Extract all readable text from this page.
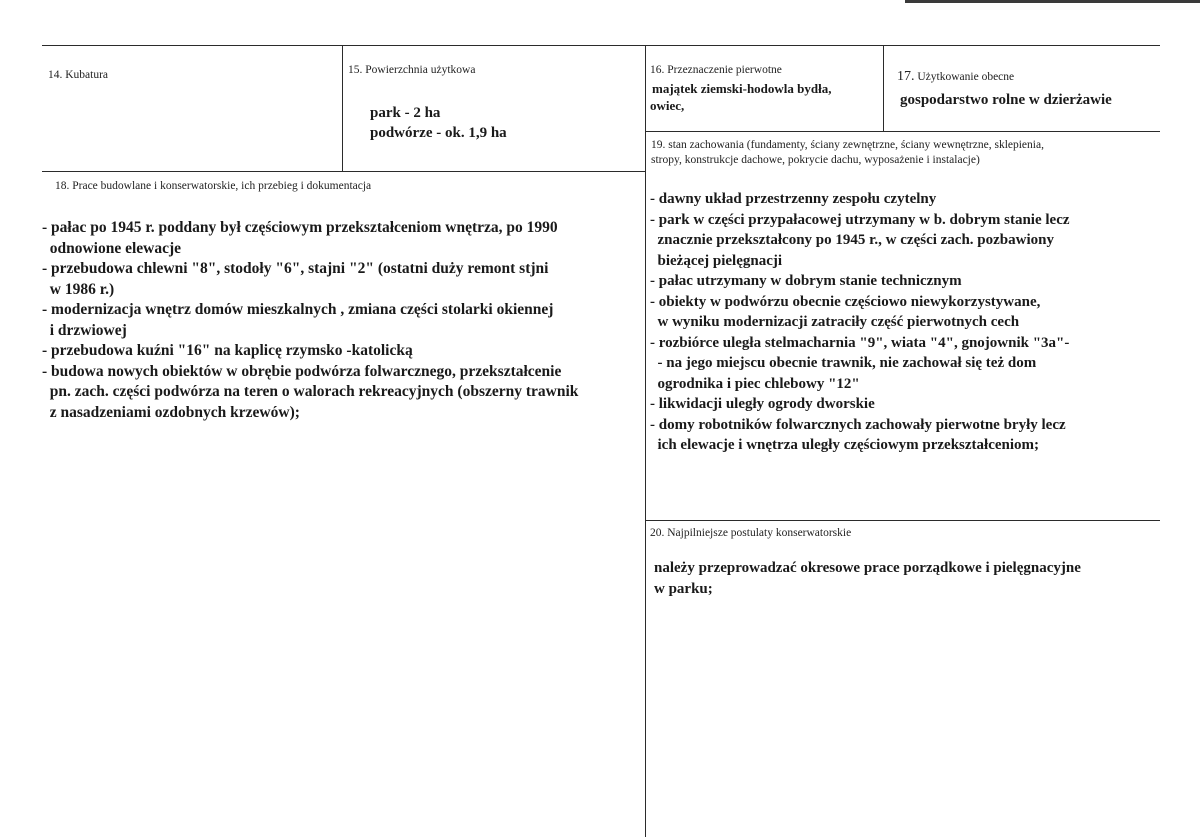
14. Kubatura	15. Powierzchnia użytkowa
park - 2 ha
podwórze - ok. 1,9 ha
16. Przeznaczenie pierwotne
majątek ziemski-hodowla bydła,
owiec,
17. Użytkowanie obecne
gospodarstwo rolne w dzierżawie
18. Prace budowlane i konserwatorskie, ich przebieg i dokumentacja
- pałac po 1945 r. poddany był częściowym przekształceniom wnętrza, po 1990
odnowione elewacje
- przebudowa chlewni "8", stodoły "6", stajni "2" (ostatni duży remont stjni
w 1986 r.)
- modernizacja wnętrz domów mieszkalnych , zmiana części stolarki okiennej
i drzwiowej
- przebudowa kuźni "16" na kaplicę rzymsko -katolicką
- budowa nowych obiektów w obrębie podwórza folwarcznego, przekształcenie
pn. zach. części podwórza na teren o walorach rekreacyjnych (obszerny trawnik
z nasadzeniami ozdobnych krzewów);
19. stan zachowania (fundamenty, ściany zewnętrzne, ściany wewnętrzne, sklepienia,
stropy, konstrukcje dachowe, pokrycie dachu, wyposażenie i instalacje)
- dawny układ przestrzenny zespołu czytelny
- park w części przypałacowej utrzymany w b. dobrym stanie lecz
znacznie przekształcony po 1945 r., w części zach. pozbawiony
bieżącej pielęgnacji
- pałac utrzymany w dobrym stanie technicznym
- obiekty w podwórzu obecnie częściowo niewykorzystywane,
w wyniku modernizacji zatraciły część pierwotnych cech
- rozbiórce uległa stelmacharnia "9", wiata "4", gnojownik "3a"-
- na jego miejscu obecnie trawnik, nie zachował się też dom
ogrodnika i piec chlebowy "12"
- likwidacji uległy ogrody dworskie
- domy robotników folwarcznych zachowały pierwotne bryły lecz
ich elewacje i wnętrza uległy częściowym przekształceniom;
20. Najpilniejsze postulaty konserwatorskie
należy przeprowadzać okresowe prace porządkowe i pielęgnacyjne
w parku;
